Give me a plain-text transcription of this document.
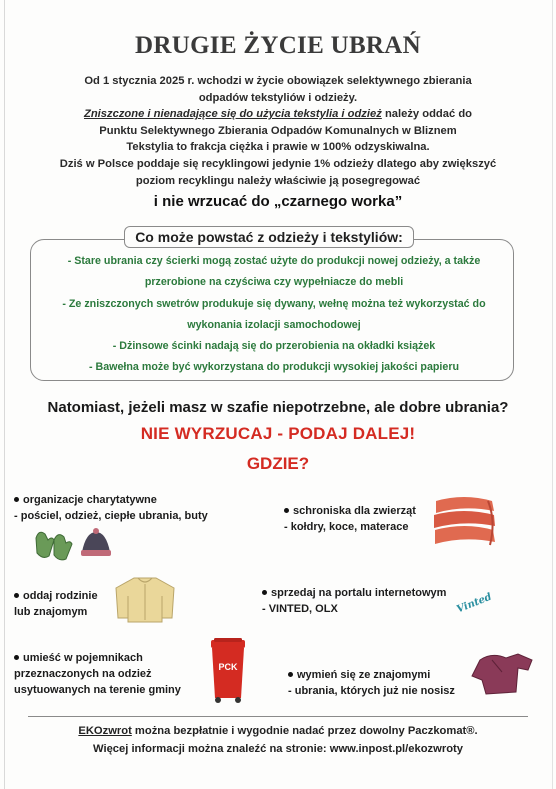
DRUGIE ŻYCIE UBRAŃ
Od 1 stycznia 2025 r. wchodzi w życie obowiązek selektywnego zbierania
odpadów tekstyliów i odzieży.
Zniszczone i nienadające się do użycia tekstylia i odzież należy oddać do
Punktu Selektywnego Zbierania Odpadów Komunalnych w Bliznem
Tekstylia to frakcja ciężka i prawie w 100% odzyskiwalna.
Dziś w Polsce poddaje się recyklingowi jedynie 1% odzieży dlatego aby zwiększyć
poziom recyklingu należy właściwie ją posegregować
i nie wrzucać do „czarnego worka”
Co może powstać z odzieży i tekstyliów:
- Stare ubrania czy ścierki mogą zostać użyte do produkcji nowej odzieży, a także
przerobione na czyściwa czy wypełniacze do mebli
- Ze zniszczonych swetrów produkuje się dywany, wełnę można też wykorzystać do
wykonania izolacji samochodowej
- Dżinsowe ścinki nadają się do przerobienia na okładki książek
- Bawełna może być wykorzystana do produkcji wysokiej jakości papieru
Natomiast, jeżeli masz w szafie niepotrzebne, ale dobre ubrania?
NIE WYRZUCAJ - PODAJ DALEJ!
GDZIE?
organizacje charytatywne
- pościel, odzież, ciepłe ubrania, buty	schroniska dla zwierząt
- kołdry, koce, materace
oddaj rodzinie
lub znajomym
sprzedaj na portalu internetowym
- VINTED, OLX	Vinted
umieść w pojemnikach
przeznaczonych na odzież
usytuowanych na terenie gminy
PCK
wymień się ze znajomymi
- ubrania, których już nie nosisz
EKOzwrot można bezpłatnie i wygodnie nadać przez dowolny Paczkomat®.
Więcej informacji można znaleźć na stronie: www.inpost.pl/ekozwroty
